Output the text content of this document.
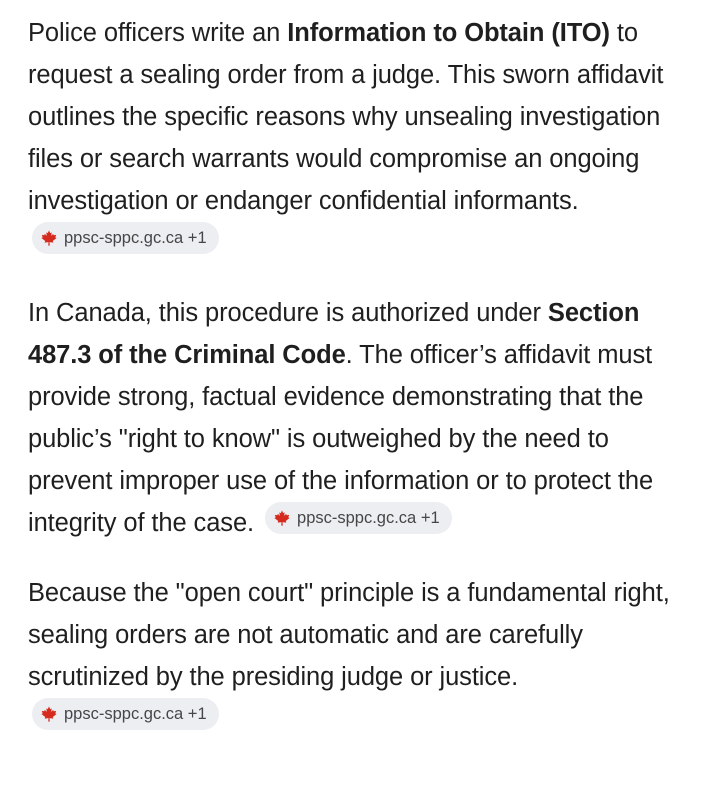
Police officers write an Information to Obtain (ITO) to request a sealing order from a judge. This sworn affidavit outlines the specific reasons why unsealing investigation files or search warrants would compromise an ongoing investigation or endanger confidential informants.
ppsc-sppc.gc.ca +1

In Canada, this procedure is authorized under Section 487.3 of the Criminal Code. The officer’s affidavit must provide strong, factual evidence demonstrating that the public’s "right to know" is outweighed by the need to prevent improper use of the information or to protect the integrity of the case.	ppsc-sppc.gc.ca +1

Because the "open court" principle is a fundamental right, sealing orders are not automatic and are carefully scrutinized by the presiding judge or justice.
ppsc-sppc.gc.ca +1
